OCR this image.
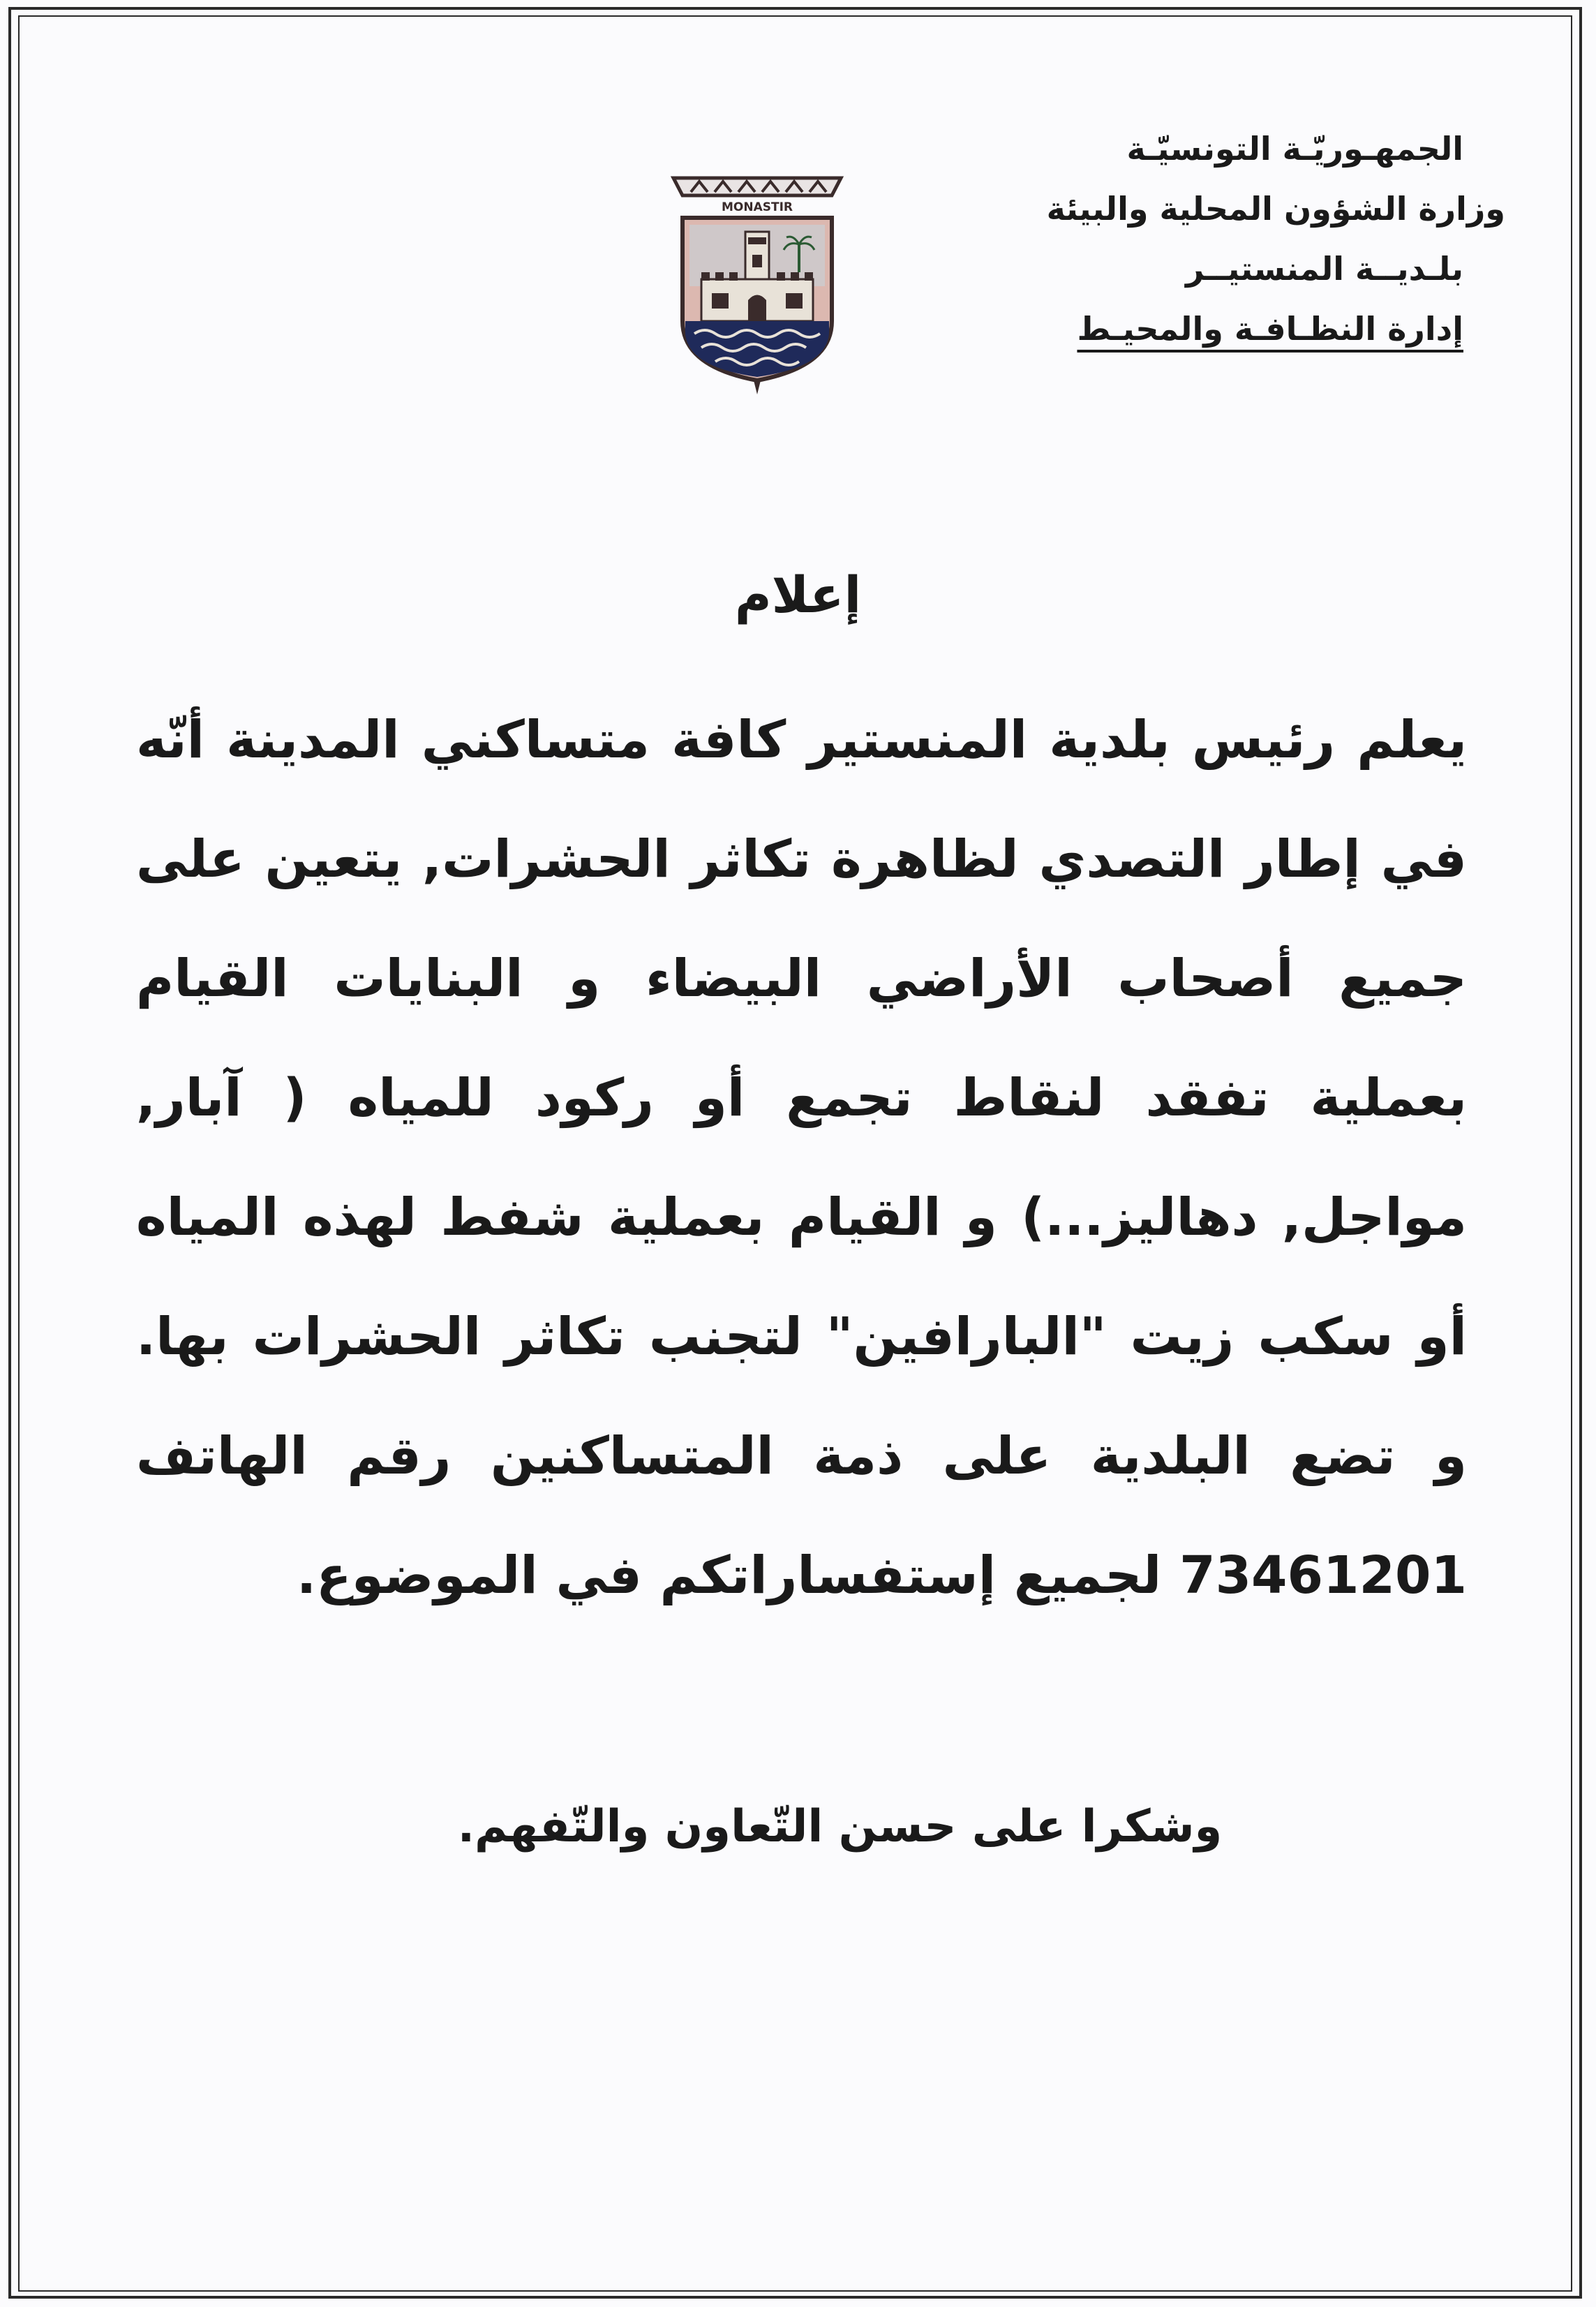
الجمهـوريّـة التونسيّـة
وزارة الشؤون المحلية والبيئة
بلـديــة المنستيــر
إدارة النظـافـة والمحيـط
MONASTIR
إعلام
يعلم رئيس بلدية المنستير كافة متساكني المدينة أنّه في إطار التصدي لظاهرة تكاثر الحشرات, يتعين على جميع أصحاب الأراضي البيضاء و البنايات القيام بعملية تفقد لنقاط تجمع أو ركود للمياه ( آبار, مواجل, دهاليز...) و القيام بعملية شفط لهذه المياه أو سكب زيت "البارافين" لتجنب تكاثر الحشرات بها. و تضع البلدية على ذمة المتساكنين رقم الهاتف 73461201 لجميع إستفساراتكم في الموضوع.
وشكرا على حسن التّعاون والتّفهم.
